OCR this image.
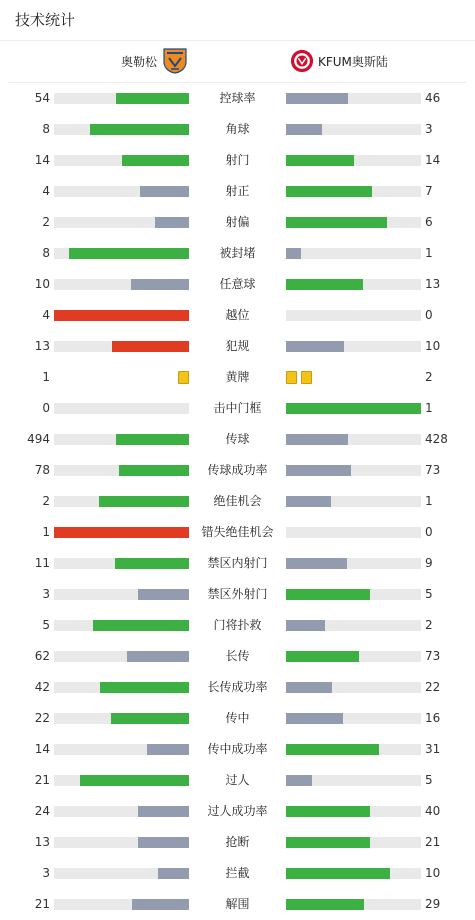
技术统计
奥勒松	KFUM奥斯陆
54	控球率	46
8	角球	3
14	射门	14
4	射正	7
2	射偏	6
8	被封堵	1
10	任意球	13
4	越位	0
13	犯规	10
1	黄牌	2
0	击中门框	1
494	传球	428
78	传球成功率	73
2	绝佳机会	1
1	错失绝佳机会	0
11	禁区内射门	9
3	禁区外射门	5
5	门将扑救	2
62	长传	73
42	长传成功率	22
22	传中	16
14	传中成功率	31
21	过人	5
24	过人成功率	40
13	抢断	21
3	拦截	10
21	解围	29
